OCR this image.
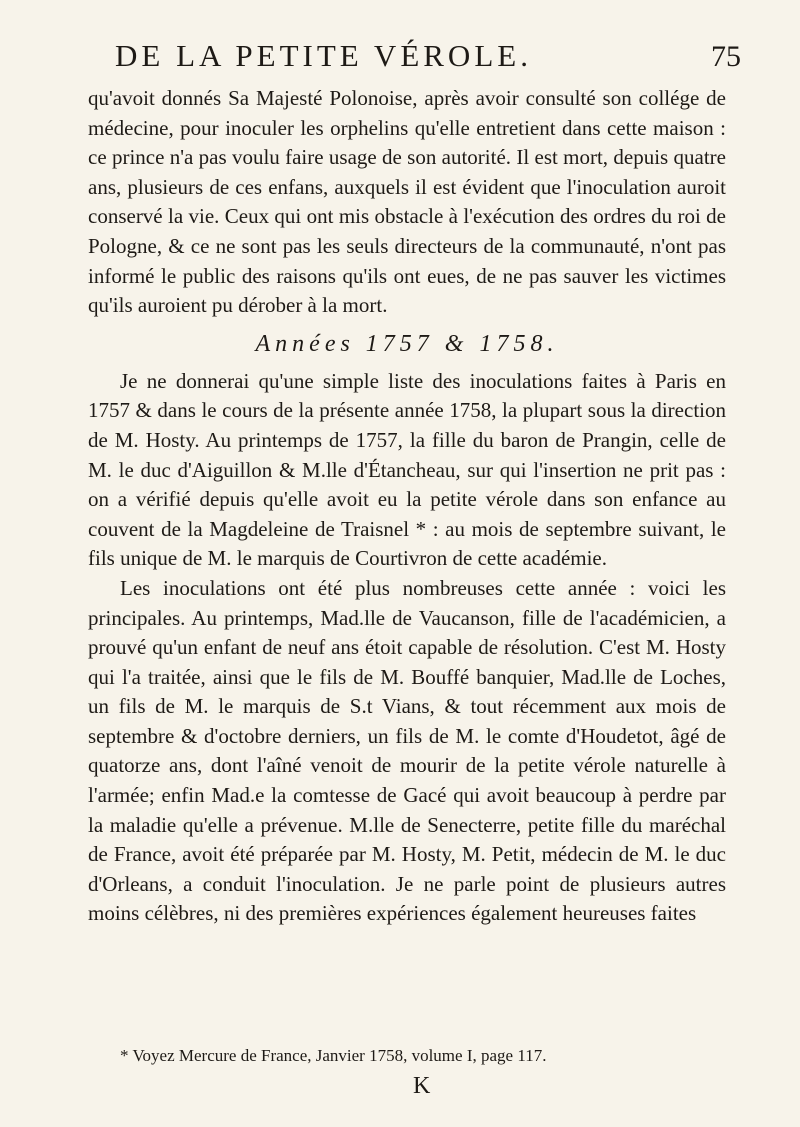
DE LA PETITE VÉROLE.	75

qu'avoit donnés Sa Majesté Polonoise, après avoir consulté son collége de médecine, pour inoculer les orphelins qu'elle entretient dans cette maison : ce prince n'a pas voulu faire usage de son autorité. Il est mort, depuis quatre ans, plusieurs de ces enfans, auxquels il est évident que l'inoculation auroit conservé la vie. Ceux qui ont mis obstacle à l'exécution des ordres du roi de Pologne, & ce ne sont pas les seuls directeurs de la communauté, n'ont pas informé le public des raisons qu'ils ont eues, de ne pas sauver les victimes qu'ils auroient pu dérober à la mort.

Années 1757 & 1758.

Je ne donnerai qu'une simple liste des inoculations faites à Paris en 1757 & dans le cours de la présente année 1758, la plupart sous la direction de M. Hosty. Au printemps de 1757, la fille du baron de Prangin, celle de M. le duc d'Aiguillon & M.lle d'Étancheau, sur qui l'insertion ne prit pas : on a vérifié depuis qu'elle avoit eu la petite vérole dans son enfance au couvent de la Magdeleine de Traisnel * : au mois de septembre suivant, le fils unique de M. le marquis de Courtivron de cette académie.

Les inoculations ont été plus nombreuses cette année : voici les principales. Au printemps, Mad.lle de Vaucanson, fille de l'académicien, a prouvé qu'un enfant de neuf ans étoit capable de résolution. C'est M. Hosty qui l'a traitée, ainsi que le fils de M. Bouffé banquier, Mad.lle de Loches, un fils de M. le marquis de S.t Vians, & tout récemment aux mois de septembre & d'octobre derniers, un fils de M. le comte d'Houdetot, âgé de quatorze ans, dont l'aîné venoit de mourir de la petite vérole naturelle à l'armée; enfin Mad.e la comtesse de Gacé qui avoit beaucoup à perdre par la maladie qu'elle a prévenue. M.lle de Senecterre, petite fille du maréchal de France, avoit été préparée par M. Hosty, M. Petit, médecin de M. le duc d'Orleans, a conduit l'inoculation. Je ne parle point de plusieurs autres moins célèbres, ni des premières expériences également heureuses faites

* Voyez Mercure de France, Janvier 1758, volume I, page 117.
K
